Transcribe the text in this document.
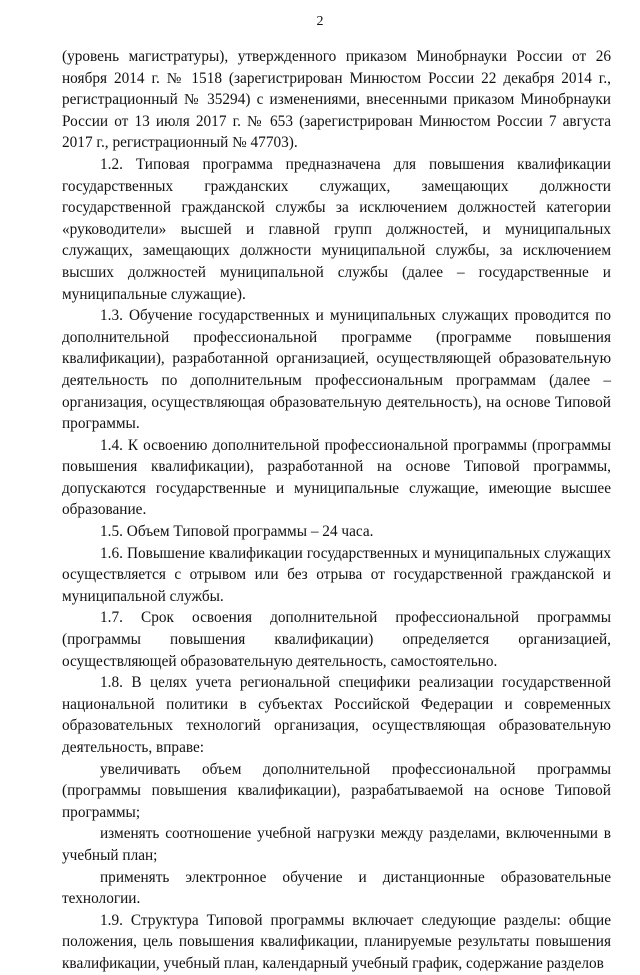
2

(уровень магистратуры), утвержденного приказом Минобрнауки России от 26 ноября 2014 г. № 1518 (зарегистрирован Минюстом России 22 декабря 2014 г., регистрационный № 35294) с изменениями, внесенными приказом Минобрнауки России от 13 июля 2017 г. № 653 (зарегистрирован Минюстом России 7 августа 2017 г., регистрационный № 47703).

1.2. Типовая программа предназначена для повышения квалификации государственных гражданских служащих, замещающих должности государственной гражданской службы за исключением должностей категории «руководители» высшей и главной групп должностей, и муниципальных служащих, замещающих должности муниципальной службы, за исключением высших должностей муниципальной службы (далее – государственные и муниципальные служащие).

1.3. Обучение государственных и муниципальных служащих проводится по дополнительной профессиональной программе (программе повышения квалификации), разработанной организацией, осуществляющей образовательную деятельность по дополнительным профессиональным программам (далее – организация, осуществляющая образовательную деятельность), на основе Типовой программы.

1.4. К освоению дополнительной профессиональной программы (программы повышения квалификации), разработанной на основе Типовой программы, допускаются государственные и муниципальные служащие, имеющие высшее образование.

1.5. Объем Типовой программы – 24 часа.

1.6. Повышение квалификации государственных и муниципальных служащих осуществляется с отрывом или без отрыва от государственной гражданской и муниципальной службы.

1.7. Срок освоения дополнительной профессиональной программы (программы повышения квалификации) определяется организацией, осуществляющей образовательную деятельность, самостоятельно.

1.8. В целях учета региональной специфики реализации государственной национальной политики в субъектах Российской Федерации и современных образовательных технологий организация, осуществляющая образовательную деятельность, вправе:

увеличивать объем дополнительной профессиональной программы (программы повышения квалификации), разрабатываемой на основе Типовой программы;

изменять соотношение учебной нагрузки между разделами, включенными в учебный план;

применять электронное обучение и дистанционные образовательные технологии.

1.9. Структура Типовой программы включает следующие разделы: общие положения, цель повышения квалификации, планируемые результаты повышения квалификации, учебный план, календарный учебный график, содержание разделов
